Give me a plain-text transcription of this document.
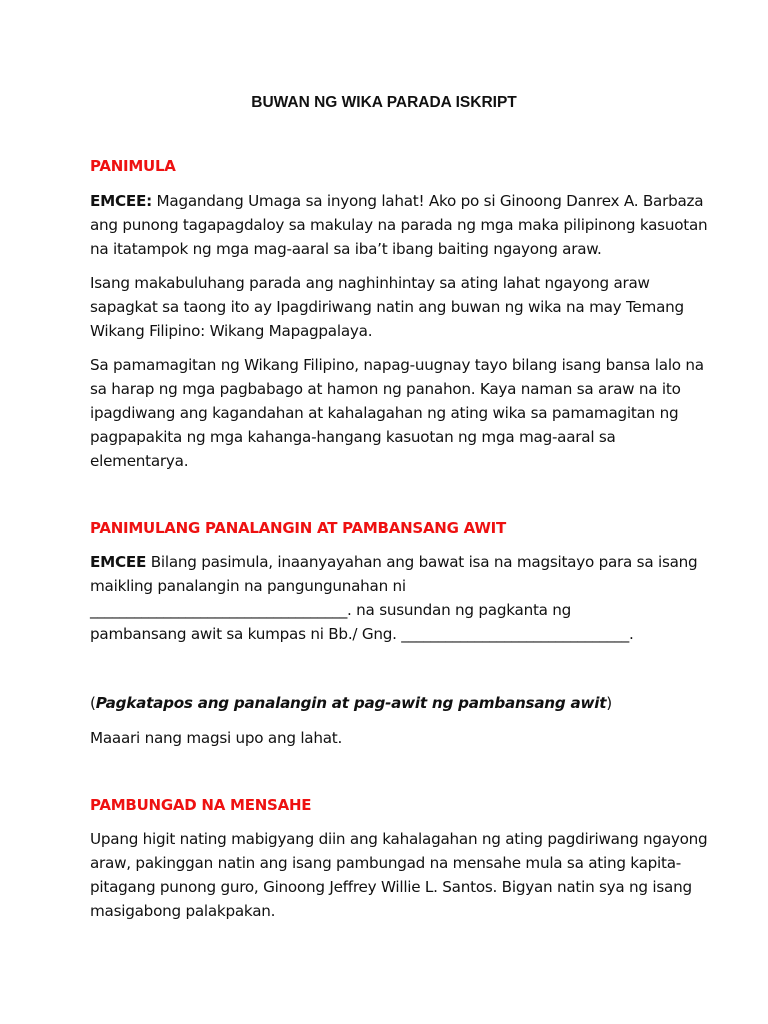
BUWAN NG WIKA PARADA ISKRIPT
PANIMULA

EMCEE: Magandang Umaga sa inyong lahat! Ako po si Ginoong Danrex A. Barbaza
ang punong tagapagdaloy sa makulay na parada ng mga maka pilipinong kasuotan
na itatampok ng mga mag-aaral sa iba’t ibang baiting ngayong araw.

Isang makabuluhang parada ang naghinhintay sa ating lahat ngayong araw
sapagkat sa taong ito ay Ipagdiriwang natin ang buwan ng wika na may Temang
Wikang Filipino: Wikang Mapagpalaya.

Sa pamamagitan ng Wikang Filipino, napag-uugnay tayo bilang isang bansa lalo na
sa harap ng mga pagbabago at hamon ng panahon. Kaya naman sa araw na ito
ipagdiwang ang kagandahan at kahalagahan ng ating wika sa pamamagitan ng
pagpapakita ng mga kahanga-hangang kasuotan ng mga mag-aaral sa
elementarya.

PANIMULANG PANALANGIN AT PAMBANSANG AWIT

EMCEE Bilang pasimula, inaanyayahan ang bawat isa na magsitayo para sa isang
maikling panalangin na pangungunahan ni
___________________________________. na susundan ng pagkanta ng
pambansang awit sa kumpas ni Bb./ Gng. _______________________________.

(Pagkatapos ang panalangin at pag-awit ng pambansang awit)

Maaari nang magsi upo ang lahat.

PAMBUNGAD NA MENSAHE

Upang higit nating mabigyang diin ang kahalagahan ng ating pagdiriwang ngayong
araw, pakinggan natin ang isang pambungad na mensahe mula sa ating kapita-
pitagang punong guro, Ginoong Jeffrey Willie L. Santos. Bigyan natin sya ng isang
masigabong palakpakan.
